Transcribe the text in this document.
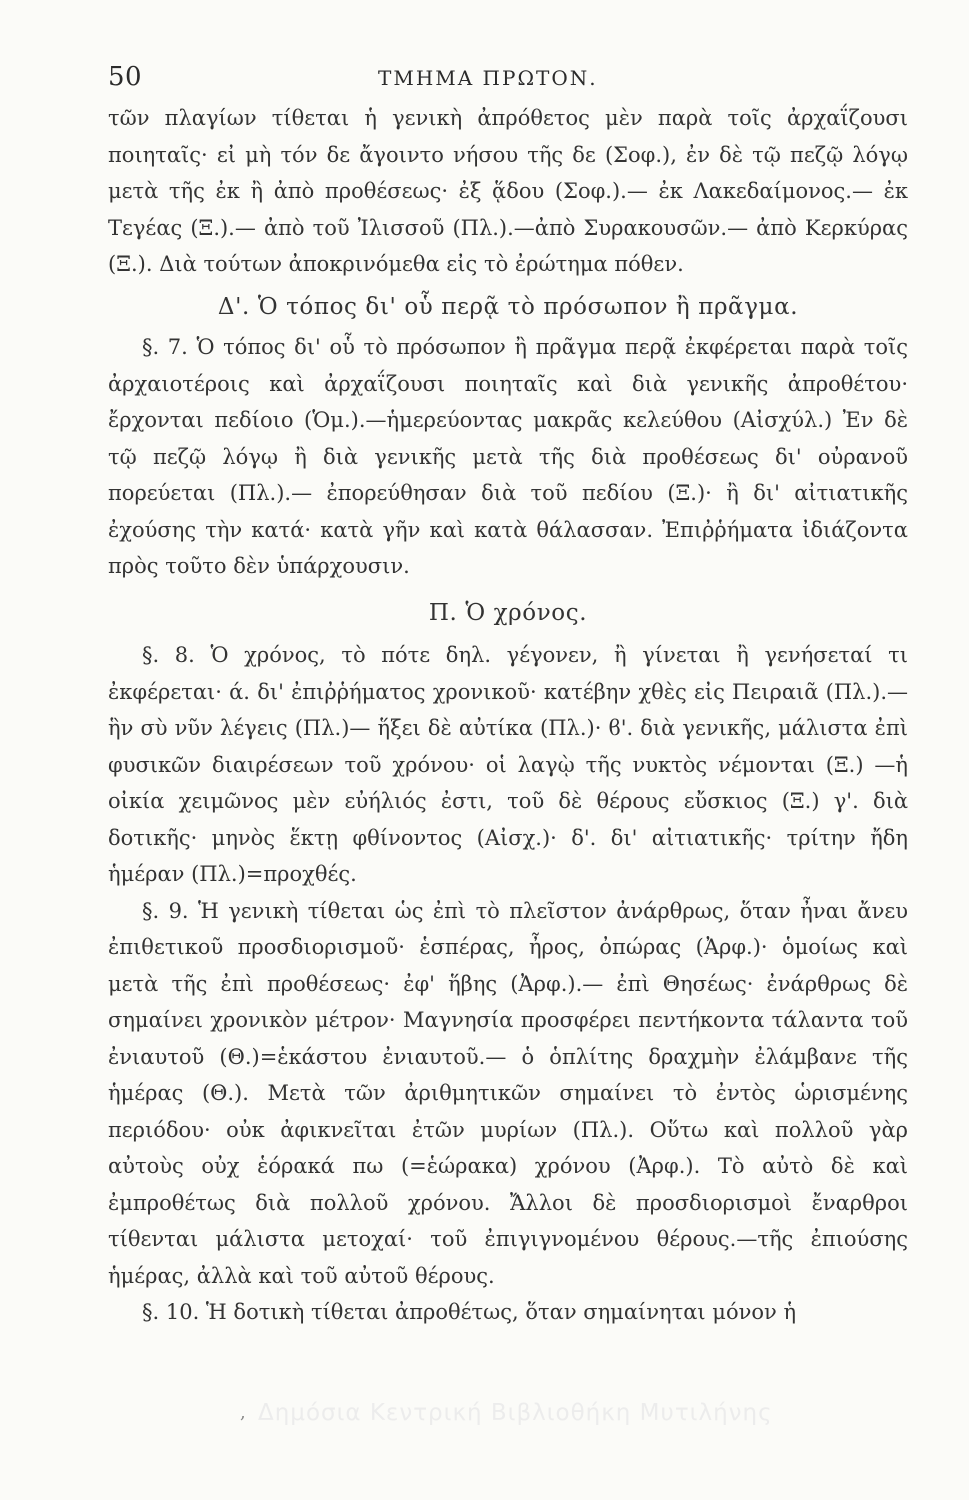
50	ΤΜΗΜΑ ΠΡΩΤΟΝ.

τῶν πλαγίων τίθεται ἡ γενικὴ ἀπρόθετος μὲν παρὰ τοῖς ἀρχαΐζουσι ποιηταῖς· εἰ μὴ τόν δε ἄγοιντο νήσου τῆς δε (Σοφ.), ἐν δὲ τῷ πεζῷ λόγῳ μετὰ τῆς ἐκ ἢ ἀπὸ προθέσεως· ἐξ ᾅδου (Σοφ.).— ἐκ Λακεδαίμονος.— ἐκ Τεγέας (Ξ.).— ἀπὸ τοῦ Ἰλισσοῦ (Πλ.).—ἀπὸ Συρακουσῶν.— ἀπὸ Κερκύρας (Ξ.). Διὰ τούτων ἀποκρινόμεθα εἰς τὸ ἐρώτημα πόθεν.

Δ'. Ὁ τόπος δι' οὗ περᾷ τὸ πρόσωπον ἢ πρᾶγμα.

§. 7. Ὁ τόπος δι' οὗ τὸ πρόσωπον ἢ πρᾶγμα περᾷ ἐκφέρεται παρὰ τοῖς ἀρχαιοτέροις καὶ ἀρχαΐζουσι ποιηταῖς καὶ διὰ γενικῆς ἀπροθέτου· ἔρχονται πεδίοιο (Ὁμ.).—ἡμερεύοντας μακρᾶς κελεύθου (Αἰσχύλ.) Ἐν δὲ τῷ πεζῷ λόγῳ ἢ διὰ γενικῆς μετὰ τῆς διὰ προθέσεως δι' οὐρανοῦ πορεύεται (Πλ.).— ἐπορεύθησαν διὰ τοῦ πεδίου (Ξ.)· ἢ δι' αἰτιατικῆς ἐχούσης τὴν κατά· κατὰ γῆν καὶ κατὰ θάλασσαν. Ἐπιῤῥήματα ἰδιάζοντα πρὸς τοῦτο δὲν ὑπάρχουσιν.

Π. Ὁ χρόνος.

§. 8. Ὁ χρόνος, τὸ πότε δηλ. γέγονεν, ἢ γίνεται ἢ γενήσεταί τι ἐκφέρεται· ά. δι' ἐπιῤῥήματος χρονικοῦ· κατέβην χθὲς εἰς Πειραιᾶ (Πλ.).— ἣν σὺ νῦν λέγεις (Πλ.)— ἥξει δὲ αὐτίκα (Πλ.)· ϐ'. διὰ γενικῆς, μάλιστα ἐπὶ φυσικῶν διαιρέσεων τοῦ χρόνου· οἱ λαγῲ τῆς νυκτὸς νέμονται (Ξ.) —ἡ οἰκία χειμῶνος μὲν εὐήλιός ἐστι, τοῦ δὲ θέρους εὔσκιος (Ξ.) γ'. διὰ δοτικῆς· μηνὸς ἕκτῃ φθίνοντος (Αἰσχ.)· δ'. δι' αἰτιατικῆς· τρίτην ἤδη ἡμέραν (Πλ.)=προχθές.

§. 9. Ἡ γενικὴ τίθεται ὡς ἐπὶ τὸ πλεῖστον ἀνάρθρως, ὅταν ἦναι ἄνευ ἐπιθετικοῦ προσδιορισμοῦ· ἑσπέρας, ἦρος, ὀπώρας (Ἀρφ.)· ὁμοίως καὶ μετὰ τῆς ἐπὶ προθέσεως· ἐφ' ἥβης (Ἀρφ.).— ἐπὶ Θησέως· ἐνάρθρως δὲ σημαίνει χρονικὸν μέτρον· Μαγνησία προσφέρει πεντήκοντα τάλαντα τοῦ ἐνιαυτοῦ (Θ.)=ἑκάστου ἐνιαυτοῦ.— ὁ ὁπλίτης δραχμὴν ἐλάμβανε τῆς ἡμέρας (Θ.). Μετὰ τῶν ἀριθμητικῶν σημαίνει τὸ ἐντὸς ὡρισμένης περιόδου· οὐκ ἀφικνεῖται ἐτῶν μυρίων (Πλ.). Οὕτω καὶ πολλοῦ γὰρ αὐτοὺς οὐχ ἑόρακά πω (=ἑώρακα) χρόνου (Ἀρφ.). Τὸ αὐτὸ δὲ καὶ ἐμπροθέτως διὰ πολλοῦ χρόνου. Ἄλλοι δὲ προσδιορισμοὶ ἔναρθροι τίθενται μάλιστα μετοχαί· τοῦ ἐπιγιγνομένου θέρους.—τῆς ἐπιούσης ἡμέρας, ἀλλὰ καὶ τοῦ αὐτοῦ θέρους.

§. 10. Ἡ δοτικὴ τίθεται ἀπροθέτως, ὅταν σημαίνηται μόνον ἡ

, Δημόσια Κεντρική Βιβλιοθήκη Μυτιλήνης
